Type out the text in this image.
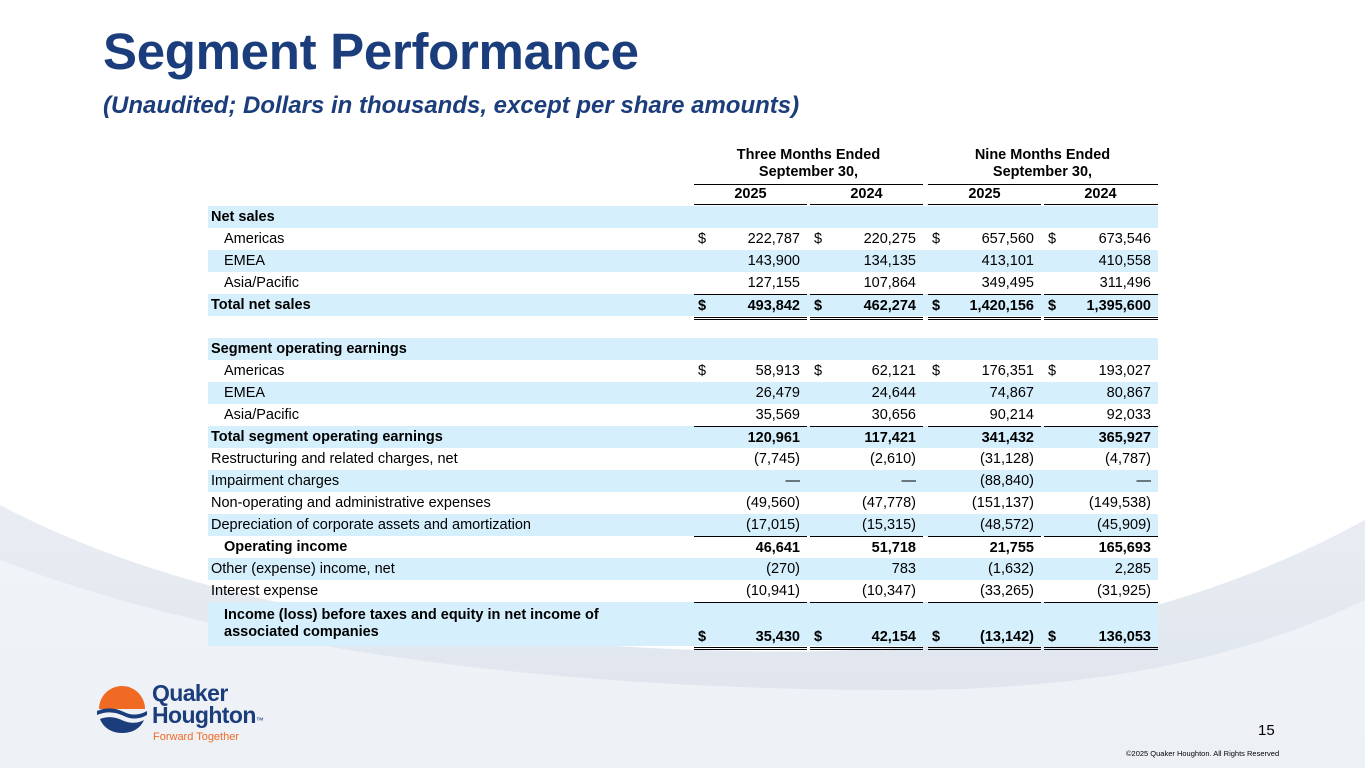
Segment Performance
(Unaudited; Dollars in thousands, except per share amounts)
Three Months Ended
September 30,
Nine Months Ended
September 30,
2025	2024	2025	2024
Net sales
Americas	$	222,787 $	220,275 $	657,560 $	673,546
EMEA	143,900	134,135	413,101	410,558
Asia/Pacific	127,155	107,864	349,495	311,496
Total net sales	$	493,842 $	462,274 $ 1,420,156 $ 1,395,600
Segment operating earnings
Americas	$	58,913 $	62,121 $	176,351 $	193,027
EMEA	26,479	24,644	74,867	80,867
Asia/Pacific	35,569	30,656	90,214	92,033
Total segment operating earnings	120,961	117,421	341,432	365,927
Restructuring and related charges, net	(7,745)	(2,610)	(31,128)	(4,787)
Impairment charges	—	—	(88,840)	—
Non-operating and administrative expenses	(49,560)	(47,778)	(151,137)	(149,538)
Depreciation of corporate assets and amortization	(17,015)	(15,315)	(48,572)	(45,909)
Operating income	46,641	51,718	21,755	165,693
Other (expense) income, net	(270)	783	(1,632)	2,285
Interest expense	(10,941)	(10,347)	(33,265)	(31,925)
Income (loss) before taxes and equity in net income of
associated companies	$	35,430 $	42,154 $	(13,142) $	136,053
Quaker
Houghton™
Forward Together	15
©2025 Quaker Houghton. All Rights Reserved
